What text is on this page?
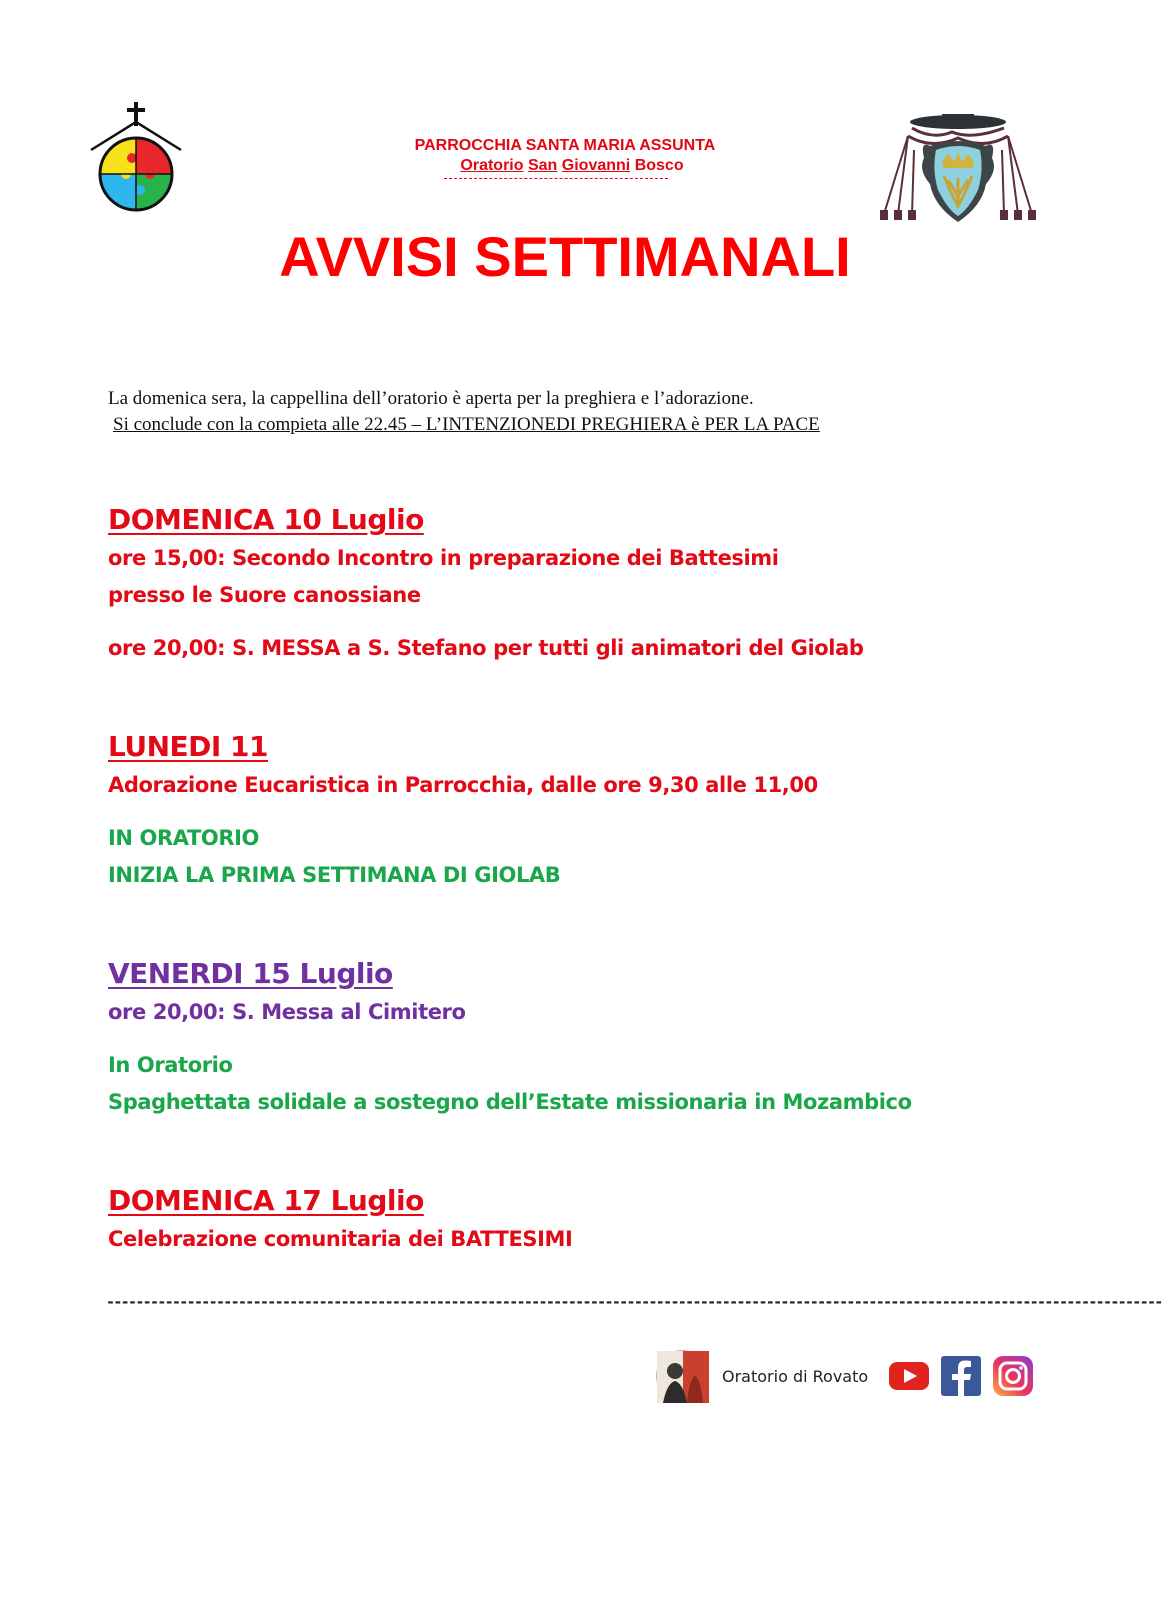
PARROCCHIA SANTA MARIA ASSUNTA
Oratorio San Giovanni Bosco
AVVISI SETTIMANALI
La domenica sera, la cappellina dell’oratorio è aperta per la preghiera e l’adorazione.
Si conclude con la compieta alle 22.45 – L’INTENZIONEDI PREGHIERA è PER LA PACE
DOMENICA 10 Luglio
ore 15,00: Secondo Incontro in preparazione dei Battesimi
presso le Suore canossiane
ore 20,00: S. MESSA a S. Stefano per tutti gli animatori del Giolab
LUNEDI 11
Adorazione Eucaristica in Parrocchia, dalle ore 9,30 alle 11,00
IN ORATORIO
INIZIA LA PRIMA SETTIMANA DI GIOLAB
VENERDI 15 Luglio
ore 20,00: S. Messa al Cimitero
In Oratorio
Spaghettata solidale a sostegno dell’Estate missionaria in Mozambico
DOMENICA 17 Luglio
Celebrazione comunitaria dei BATTESIMI
------------------------------------------------------------------------------------------------------------------------------------------------
Oratorio di Rovato
